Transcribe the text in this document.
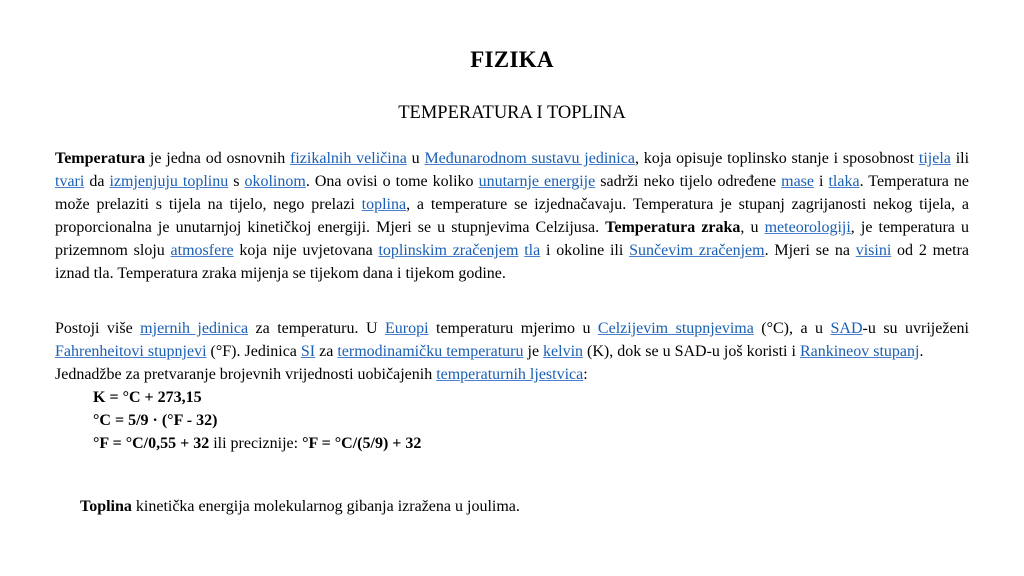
FIZIKA
TEMPERATURA I TOPLINA

Temperatura je jedna od osnovnih fizikalnih veličina u Međunarodnom sustavu jedinica, koja opisuje toplinsko stanje i sposobnost tijela ili tvari da izmjenjuju toplinu s okolinom. Ona ovisi o tome koliko unutarnje energije sadrži neko tijelo određene mase i tlaka. Temperatura ne može prelaziti s tijela na tijelo, nego prelazi toplina, a temperature se izjednačavaju. Temperatura je stupanj zagrijanosti nekog tijela, a proporcionalna je unutarnjoj kinetičkoj energiji. Mjeri se u stupnjevima Celzijusa. Temperatura zraka, u meteorologiji, je temperatura u prizemnom sloju atmosfere koja nije uvjetovana toplinskim zračenjem tla i okoline ili Sunčevim zračenjem. Mjeri se na visini od 2 metra iznad tla. Temperatura zraka mijenja se tijekom dana i tijekom godine.

Postoji više mjernih jedinica za temperaturu. U Europi temperaturu mjerimo u Celzijevim stupnjevima (°C), a u SAD-u su uvriježeni Fahrenheitovi stupnjevi (°F). Jedinica SI za termodinamičku temperaturu je kelvin (K), dok se u SAD-u još koristi i Rankineov stupanj.
Jednadžbe za pretvaranje brojevnih vrijednosti uobičajenih temperaturnih ljestvica:
K = °C + 273,15
°C = 5/9 · (°F - 32)
°F = °C/0,55 + 32 ili preciznije: °F = °C/(5/9) + 32
Toplina kinetička energija molekularnog gibanja izražena u joulima.
